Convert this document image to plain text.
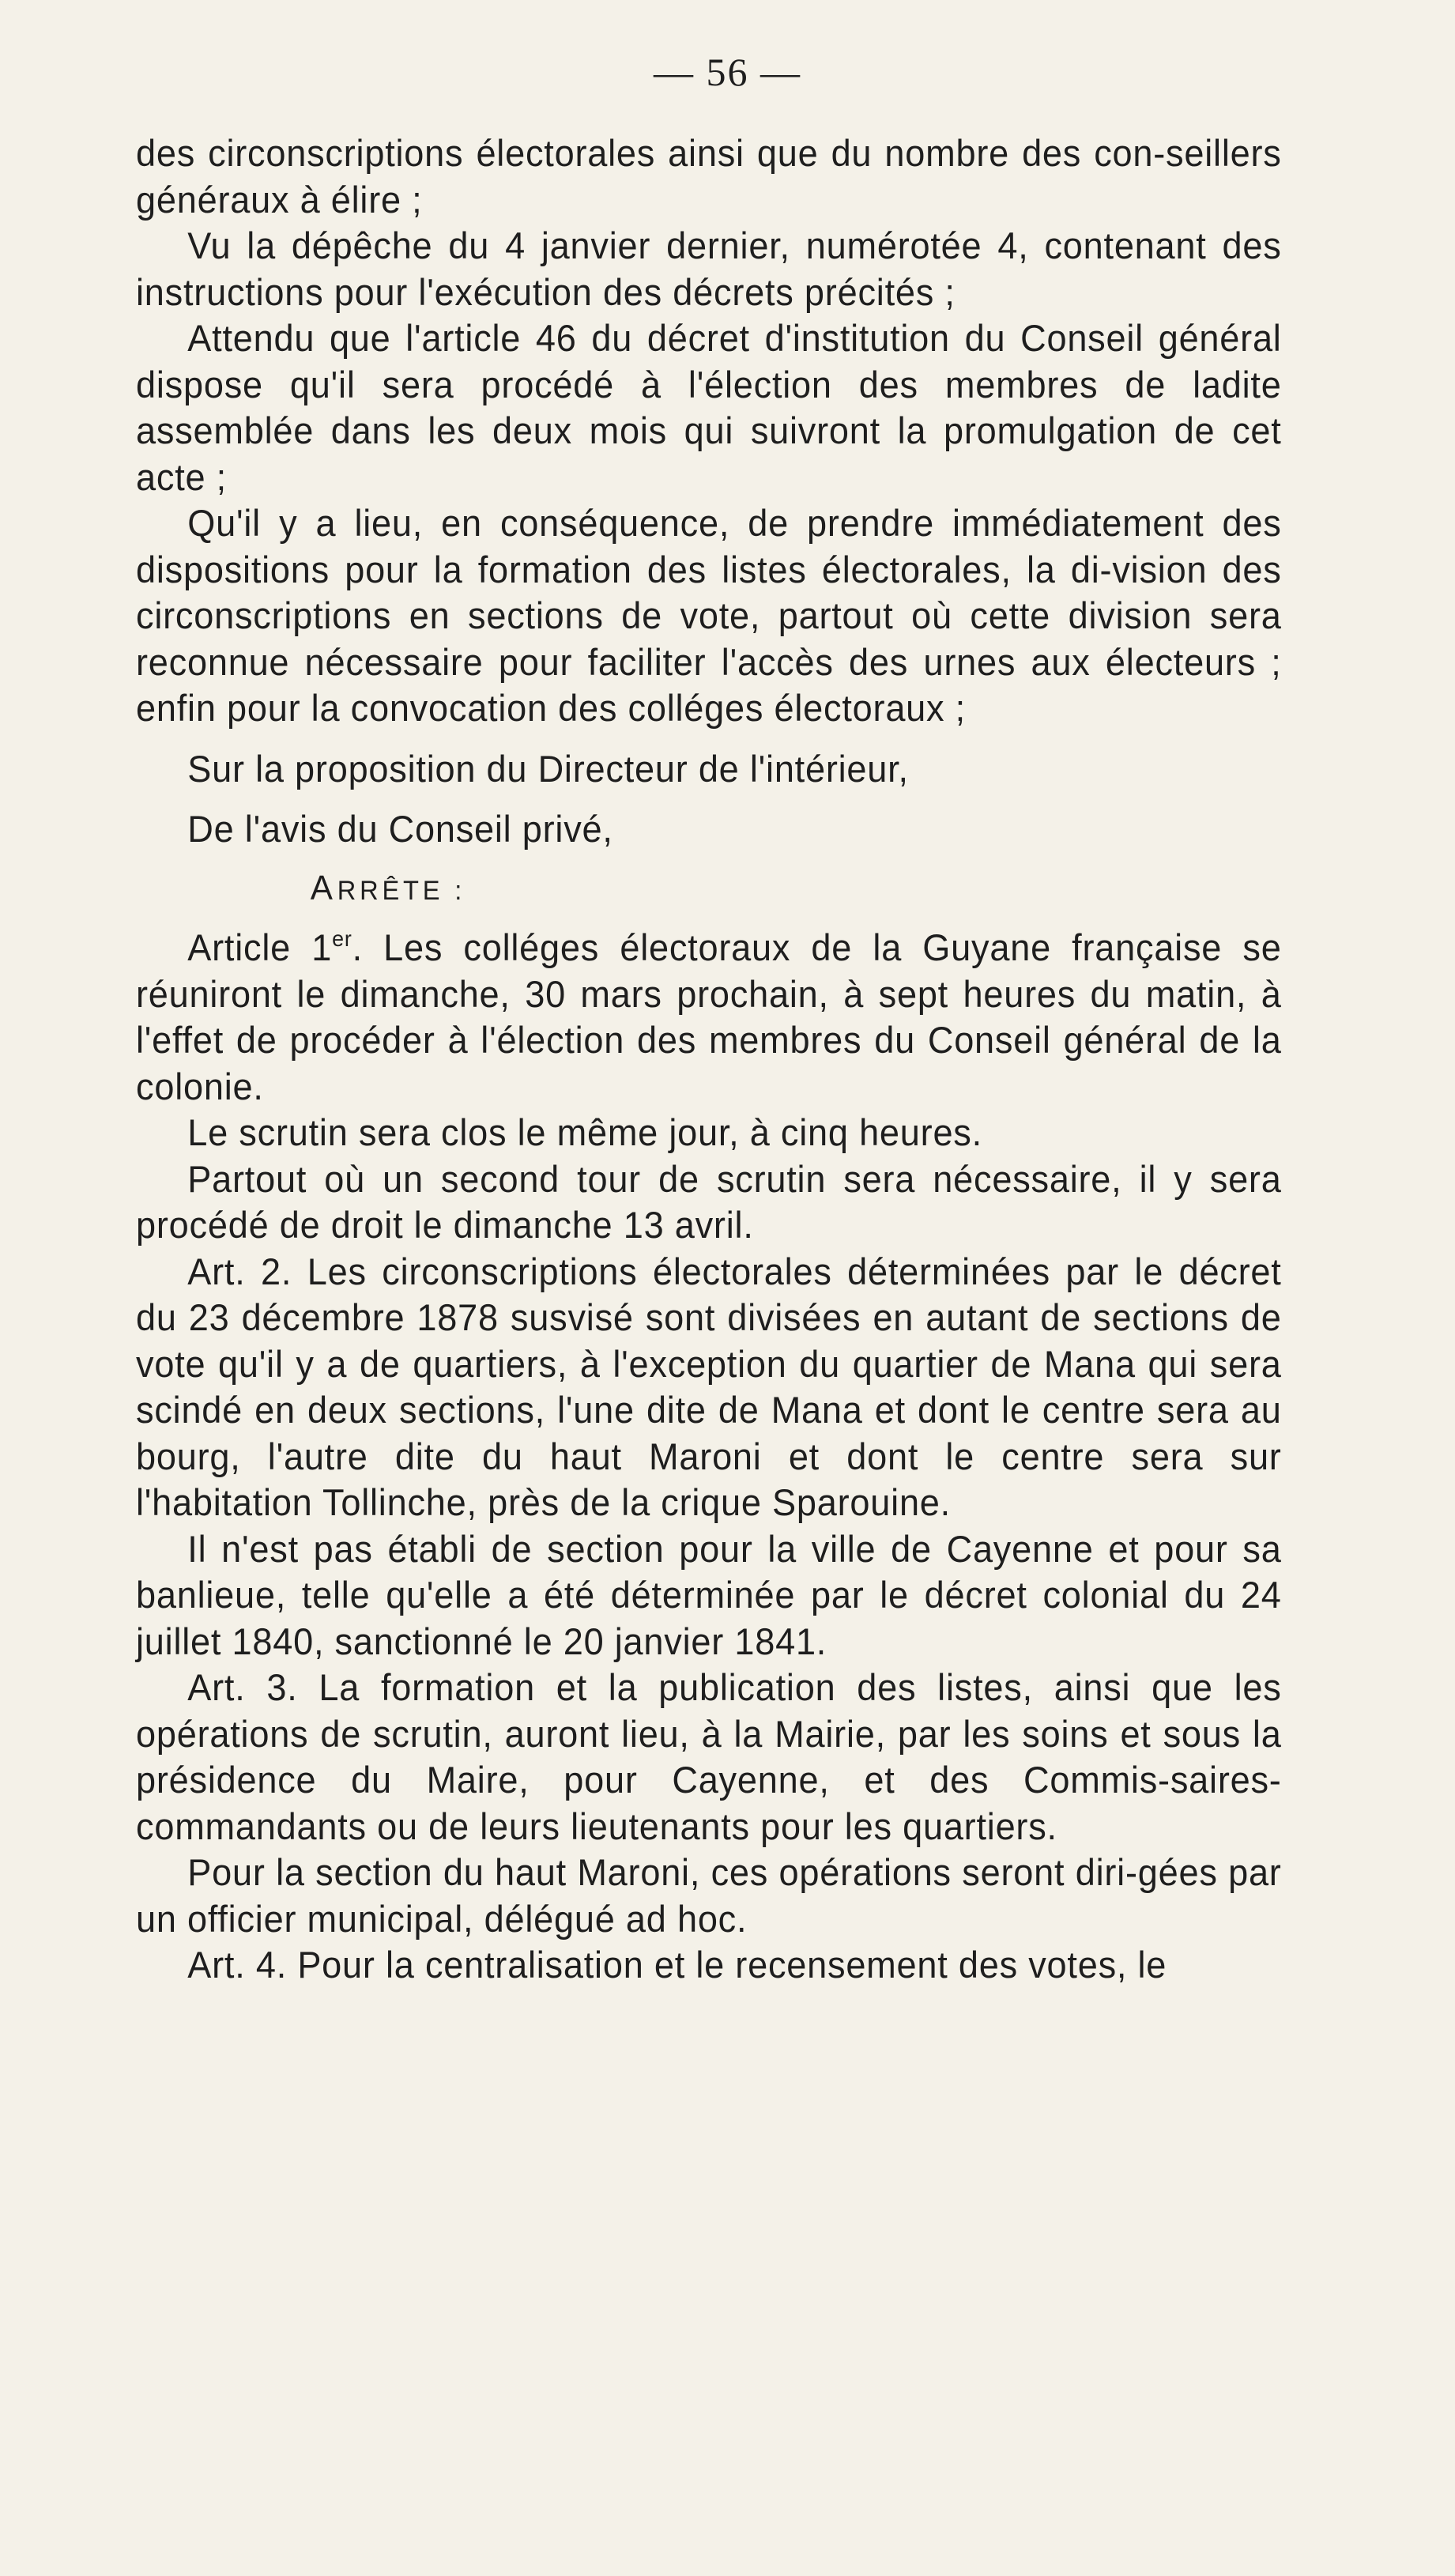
— 56 —

des circonscriptions électorales ainsi que du nombre des con-seillers généraux à élire ;

Vu la dépêche du 4 janvier dernier, numérotée 4, contenant des instructions pour l'exécution des décrets précités ;

Attendu que l'article 46 du décret d'institution du Conseil général dispose qu'il sera procédé à l'élection des membres de ladite assemblée dans les deux mois qui suivront la promulgation de cet acte ;

Qu'il y a lieu, en conséquence, de prendre immédiatement des dispositions pour la formation des listes électorales, la di-vision des circonscriptions en sections de vote, partout où cette division sera reconnue nécessaire pour faciliter l'accès des urnes aux électeurs ; enfin pour la convocation des colléges électoraux ;

Sur la proposition du Directeur de l'intérieur,

De l'avis du Conseil privé,

ARRÊTE :

Article 1er. Les colléges électoraux de la Guyane française se réuniront le dimanche, 30 mars prochain, à sept heures du matin, à l'effet de procéder à l'élection des membres du Conseil général de la colonie.

Le scrutin sera clos le même jour, à cinq heures.

Partout où un second tour de scrutin sera nécessaire, il y sera procédé de droit le dimanche 13 avril.

Art. 2. Les circonscriptions électorales déterminées par le décret du 23 décembre 1878 susvisé sont divisées en autant de sections de vote qu'il y a de quartiers, à l'exception du quartier de Mana qui sera scindé en deux sections, l'une dite de Mana et dont le centre sera au bourg, l'autre dite du haut Maroni et dont le centre sera sur l'habitation Tollinche, près de la crique Sparouine.

Il n'est pas établi de section pour la ville de Cayenne et pour sa banlieue, telle qu'elle a été déterminée par le décret colonial du 24 juillet 1840, sanctionné le 20 janvier 1841.

Art. 3. La formation et la publication des listes, ainsi que les opérations de scrutin, auront lieu, à la Mairie, par les soins et sous la présidence du Maire, pour Cayenne, et des Commis-saires-commandants ou de leurs lieutenants pour les quartiers.

Pour la section du haut Maroni, ces opérations seront diri-gées par un officier municipal, délégué ad hoc.

Art. 4. Pour la centralisation et le recensement des votes, le
